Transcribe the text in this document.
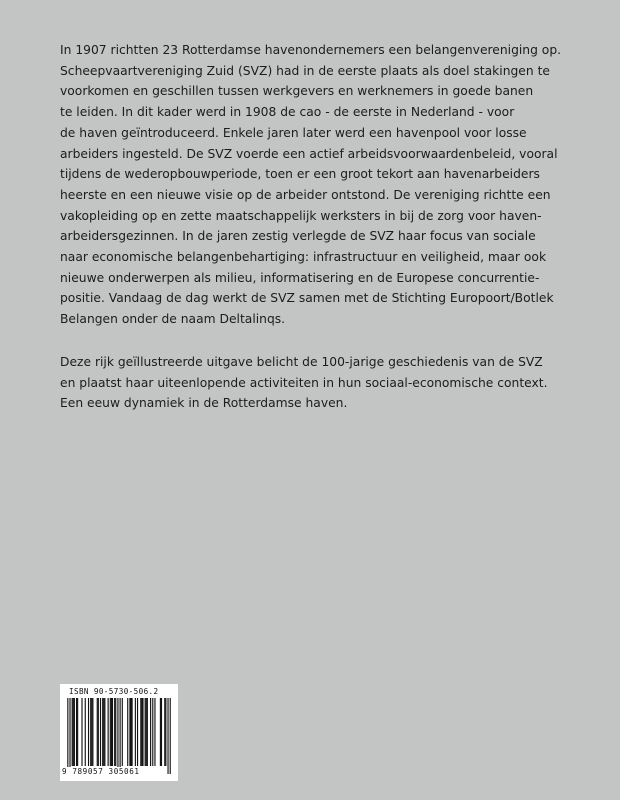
In 1907 richtten 23 Rotterdamse havenondernemers een belangenvereniging op.
Scheepvaartvereniging Zuid (SVZ) had in de eerste plaats als doel stakingen te
voorkomen en geschillen tussen werkgevers en werknemers in goede banen
te leiden. In dit kader werd in 1908 de cao - de eerste in Nederland - voor
de haven geïntroduceerd. Enkele jaren later werd een havenpool voor losse
arbeiders ingesteld. De SVZ voerde een actief arbeidsvoorwaardenbeleid, vooral
tijdens de wederopbouwperiode, toen er een groot tekort aan havenarbeiders
heerste en een nieuwe visie op de arbeider ontstond. De vereniging richtte een
vakopleiding op en zette maatschappelijk werksters in bij de zorg voor haven-
arbeidersgezinnen. In de jaren zestig verlegde de SVZ haar focus van sociale
naar economische belangenbehartiging: infrastructuur en veiligheid, maar ook
nieuwe onderwerpen als milieu, informatisering en de Europese concurrentie-
positie. Vandaag de dag werkt de SVZ samen met de Stichting Europoort/Botlek
Belangen onder de naam Deltalinqs.

Deze rijk geïllustreerde uitgave belicht de 100-jarige geschiedenis van de SVZ
en plaatst haar uiteenlopende activiteiten in hun sociaal-economische context.
Een eeuw dynamiek in de Rotterdamse haven.

ISBN 90-5730-506.2
9 789057 305061
